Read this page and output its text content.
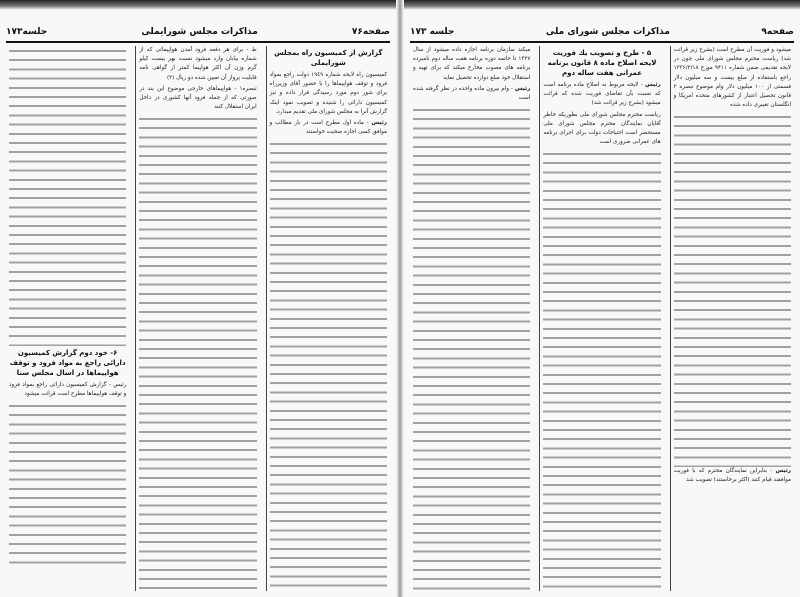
صفحه۷۶
مذاکرات مجلس شورایملی
جلسه۱۷۳
گزارش از کمیسیون راه بمجلس شورایملی

کمیسیون راه لایحه شماره ۱۹٤۹ دولت راجع بمواد فرود و توقف هواپیماها را با حضور آقای وزیرراه برای شور دوم مورد رسیدگی قرار داده و نیز کمیسیون دارائی را شنیده و تصویب نمود اینک گزارش آنرا به مجلس شورای ملی تقدیم میدارد.

رئیس - ماده اول مطرح است در بار مطالب و موافق کسی اجازه صحبت خواستند

ط - برای هر دفعه فرود آمدن هواپیمائی که از شماره بیابان وارد میشود نسبت بهر بیست کیلو گرم وزن آن اکثر هواپیما کمتر از گواهی نامه قابلیت پرواز آن تعیین شده دو ریال (۲)

تبصره۱ - هواپیماهای خارجی موضوع این بند در صورتی که از جمله فرود آنها کشوری در داخل ایران استقلال کنند

۶- خود دوم گزارش کمیسیون دارائی راجع به مواد فرود و توقف هواپیماها در اسال مجلس سنا

رئیس - گزارش کمیسیون دارائی راجع بمواد فرود و توقف هواپیماها مطرح است قرائت میشود

صفحه۹
مذاکرات مجلس شورای ملی
جلسه ۱۷۳

میشود و فوریت آن مطرح است (بشرح زیر قرائت شد) ریاست محترم مجلس شورای ملی چون در لایحه تقدیمی ضمن شماره ۹۴۱۱ مورخ ۱۳۳۶/۲/۱۸ راجع باستفاده از مبلغ بیست و سه میلیون دلار قسمتی از ۱۰۰ میلیون دلار وام موضوع تبصره ۲ قانون تحصیل اعتبار از کشورهای متحده امریکا و انگلستان تغییری داده شده

رئیس - بنابراین نمایندگان محترم که با فوریت موافقند قیام کنند (اکثر برخاستند) تصویب شد

۵ - طرح و تصویب یك فوریت لایحه اصلاح ماده ۸ قانون برنامه عمرانی هفت ساله دوم

رئیس - لایحه مربوط به اصلاح ماده برنامه است که نسبت بآن تقاضای فوریت شده که قرائت میشود (بشرح زیر قرائت شد)

ریاست محترم مجلس شورای ملی بطوریکه خاطر آقایان نمایندگان محترم مجلس شورای ملی مستحضر است احتیاجات دولت برای اجرای برنامه های عمرانی ضروری است

میکند سازمان برنامه اجازه داده میشود از سال ۱۳۲۷ تا خاتمه دوره برنامه هفت ساله دوم نامبرده برنامه های مصوب مخارج میکند که برای تهیه و استقلال خود مبلغ دوازده تحصیل نماید

رئیس - وام بیرون ماده واحده در نظر گرفته شده است
